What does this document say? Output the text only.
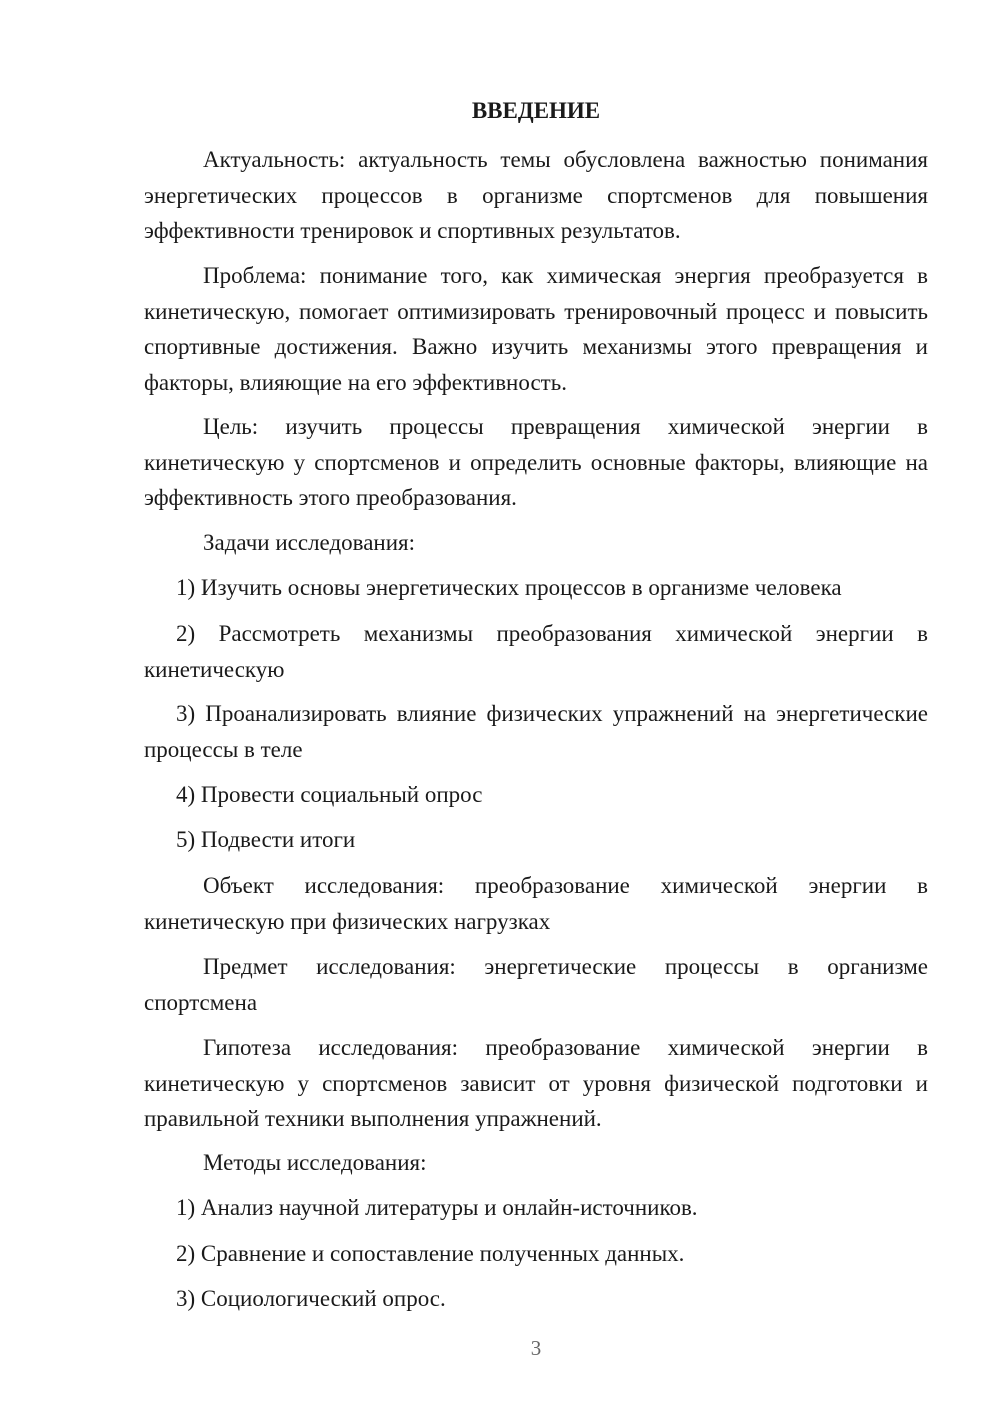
ВВЕДЕНИЕ

Актуальность: актуальность темы обусловлена важностью понимания энергетических процессов в организме спортсменов для повышения эффективности тренировок и спортивных результатов.

Проблема: понимание того, как химическая энергия преобразуется в кинетическую, помогает оптимизировать тренировочный процесс и повысить спортивные достижения. Важно изучить механизмы этого превращения и факторы, влияющие на его эффективность.

Цель: изучить процессы превращения химической энергии в кинетическую у спортсменов и определить основные факторы, влияющие на эффективность этого преобразования.

Задачи исследования:

1) Изучить основы энергетических процессов в организме человека

2) Рассмотреть механизмы преобразования химической энергии в кинетическую

3) Проанализировать влияние физических упражнений на энергетические процессы в теле

4) Провести социальный опрос

5) Подвести итоги

Объект исследования: преобразование химической энергии в кинетическую при физических нагрузках

Предмет исследования: энергетические процессы в организме спортсмена

Гипотеза исследования: преобразование химической энергии в кинетическую у спортсменов зависит от уровня физической подготовки и правильной техники выполнения упражнений.

Методы исследования:

1) Анализ научной литературы и онлайн-источников.

2) Сравнение и сопоставление полученных данных.

3) Социологический опрос.

3
